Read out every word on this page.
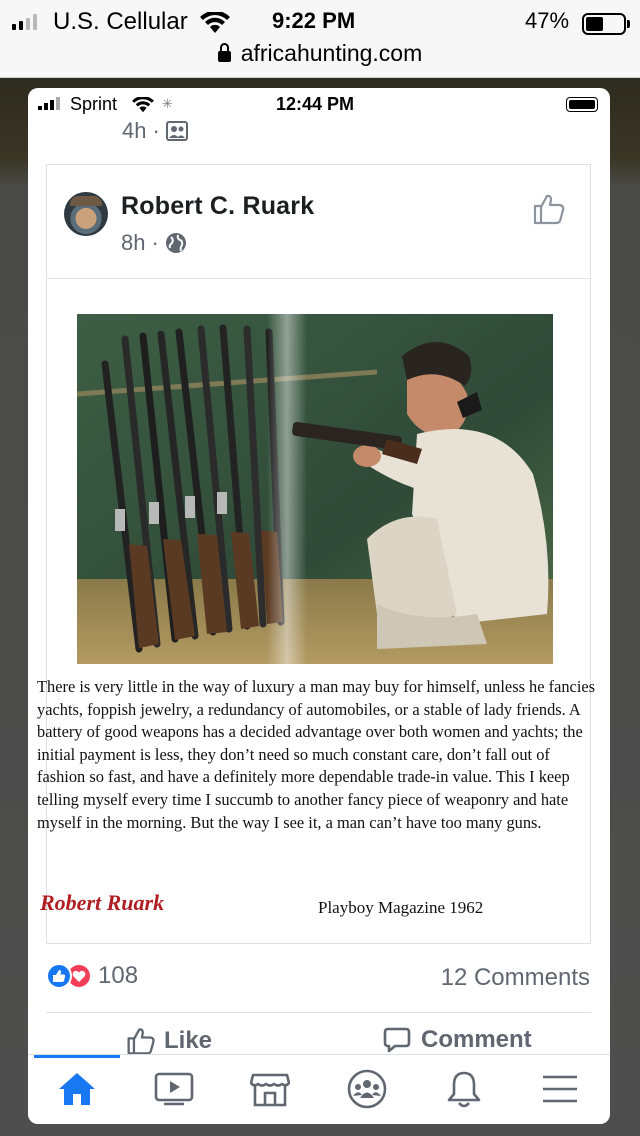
U.S. Cellular	9:22 PM	47%
africahunting.com
Sprint	✳	12:44 PM
4h ·
Robert C. Ruark
8h ·
There is very little in the way of luxury a man may buy for himself, unless he fancies yachts, foppish jewelry, a redundancy of automobiles, or a stable of lady friends. A battery of good weapons has a decided advantage over both women and yachts; the initial payment is less, they don’t need so much constant care, don’t fall out of fashion so fast, and have a definitely more dependable trade-in value. This I keep telling myself every time I succumb to another fancy piece of weaponry and hate myself in the morning. But the way I see it, a man can’t have too many guns.
Robert Ruark	Playboy Magazine 1962
108	12 Comments
Like	Comment
